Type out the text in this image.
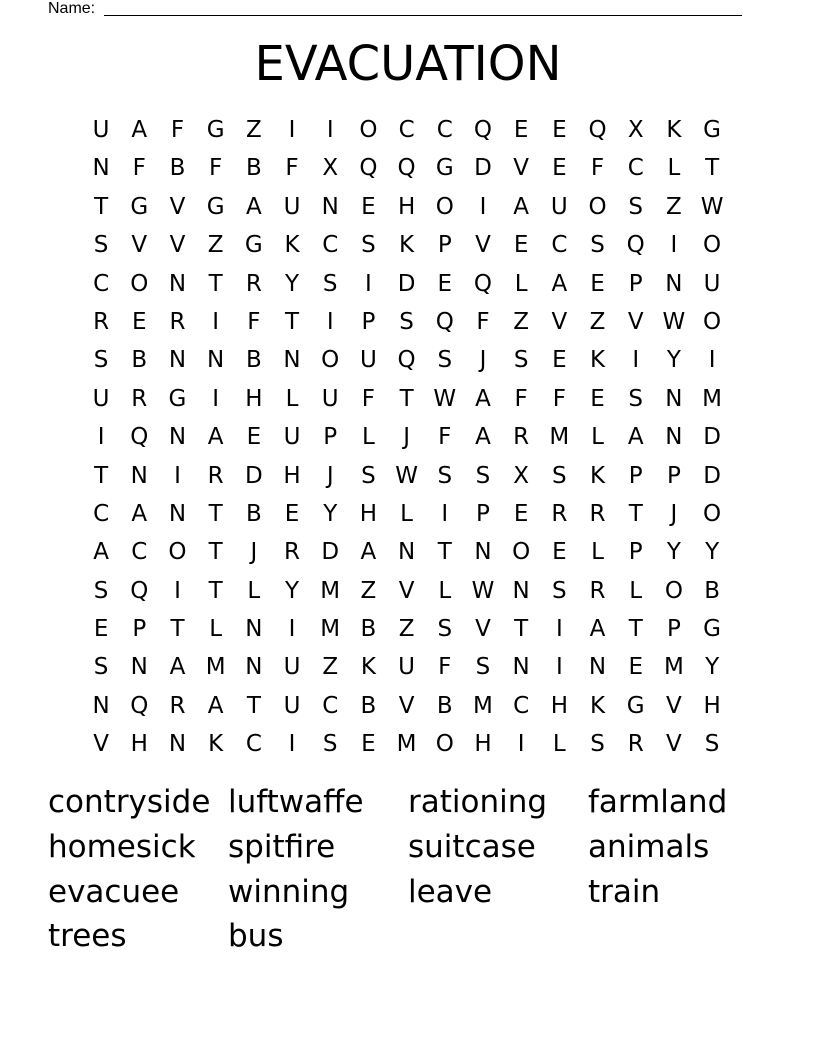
Name:
EVACUATION
U A	F G Z	I	I	O C C Q E	E Q X K G
N F	B	F	B	F	X Q Q G D V	E	F	C	L	T
T G V G A U N E H O	I	A U O S	Z W
S	V V Z G K C S	K	P	V	E C S Q	I	O
C O N T	R	Y	S	I	D E Q L	A	E	P N U
R E R	I	F	T	I	P	S Q F	Z V Z V W O
S	B N N B N O U Q S	J	S	E	K	I	Y	I
U R G	I	H	L	U	F	T W A	F	F	E	S N M
I	Q N A	E U P	L	J	F	A R M L	A N D
T N	I	R D H	J	S W S	S	X	S	K	P	P D
C A N T	B	E	Y H	L	I	P	E R R	T	J	O
A C O T	J	R D A N T N O E	L	P	Y	Y
S Q	I	T	L	Y M Z V	L W N S R	L O B
E	P	T	L	N	I	M B Z	S	V	T	I	A	T	P G
S N A M N U Z K U	F	S N	I	N E M Y
N Q R A	T U C B V B M C H K G V H
V H N K C	I	S	E M O H	I	L	S R V	S
contryside luftwaffe	rationing	farmland
homesick	spitfire	suitcase	animals
evacuee	winning	leave	train
trees	bus
